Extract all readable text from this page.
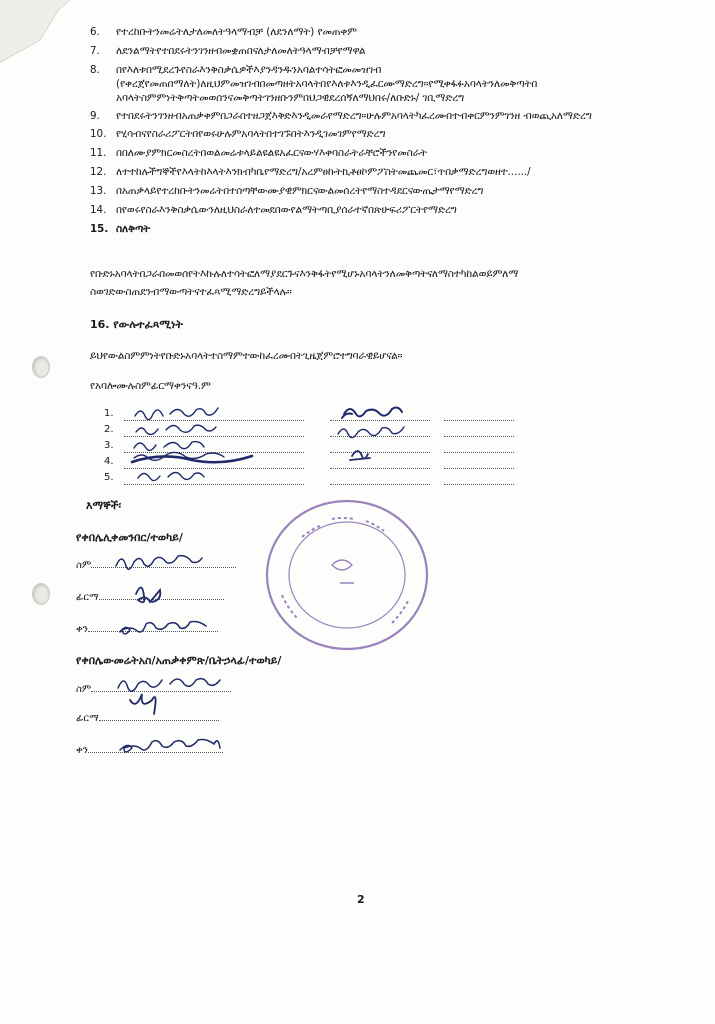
6. የተረከቡትንመሬትለታለመለትዓላማብቻ (ለደንለማት) የመጠቀም
7. ለደንልማትየተበደሩትንገንዘብመቋጠበናለታለመለትዓላማብቻየማዋል
8. በየእለቱበሚደረጉየስራእንቅስቃሴዎችእያንዳንዱንአባልተሳትፎመመዝገብ (የቀረጀየመጠበማለት)ለዚህምመዝገብበመጣዘትአባላትበየእለቱእንዲፈርሙማድረግ።የሚቀፋፉአባላትንለመቅጣትበ አባላትስምምነትቅጣትመወሰንናመቅጣትገንዘቡንምበህጋዊደረሰኝለማህበሩ/ለቡድኑ/ ገቢማድረግ
9. የተበደሩትንገንዘብአጠቃቀምበጋራበተዘጋጀእቅድእንዲመራየማድረግ።ሁሉምአባላትካፈረሙበተብቀርምንምገንዘ ብወጪአለማድረግ
10. የሂሳብናየስራሪፖርትበየወሩሁሉምአባላትበተገኙበትእንዲገመገምየማድረግ
11. በበለሙያምክርመስረትበወልመሬቱላይልዩልዩአፈርናውሃእቀባስራትራቸሮችንየመስራት
12. ለተተከሉችግኞችየእላትከእላትእንክብካቤየማድረግ/አረምፀኩትኪቶፀኮምፖስትመጨመር፣ጥበቃማድረግወዘተ....../
13. በአጠቃላይየተረከቡትንመሬትበተሰጣቸውሙያዊምክርናውልመሰረትየማስተዳደርናውጤታማየማድረግ
14. በየወሩየስራእንቅስቃሴውንለዚህስራለተመደበውየልማትጣቢያሰራተኛበጽሁፍሪፖርትየማድረግ
15. ስለቅጣት
የቡድኑአባላትበጋራበመወሰየትእኩሉለተሳትፎለማያደርጉናእንቅፋትየሚሆኑአባላትንለመቅጣትናለማስተካከልወይምለማ ስወገድውስጠደንብማውጣትናተፈጻሚማድረግይችላሉ።
16. የውሉተፈጻሚነት
ይህየውልስምምነትየቡድኑአባላትተስማምተውከፈረሙበትጊዜጀምሮተግባራዊይሆናል።
የአባሎሙሉስምፊርማቀንናዓ.ም
1.
2.
3.
4.
5.
እማኞች፡
የቀበሌሊቀመንበር/ተወካይ/
ስም
ፊርማ
ቀን
የቀበሌውመሬትአስ/አጠቃቀምጽ/ቤትኃላፊ/ተወካይ/
ስም
ፊርማ
ቀን
2
